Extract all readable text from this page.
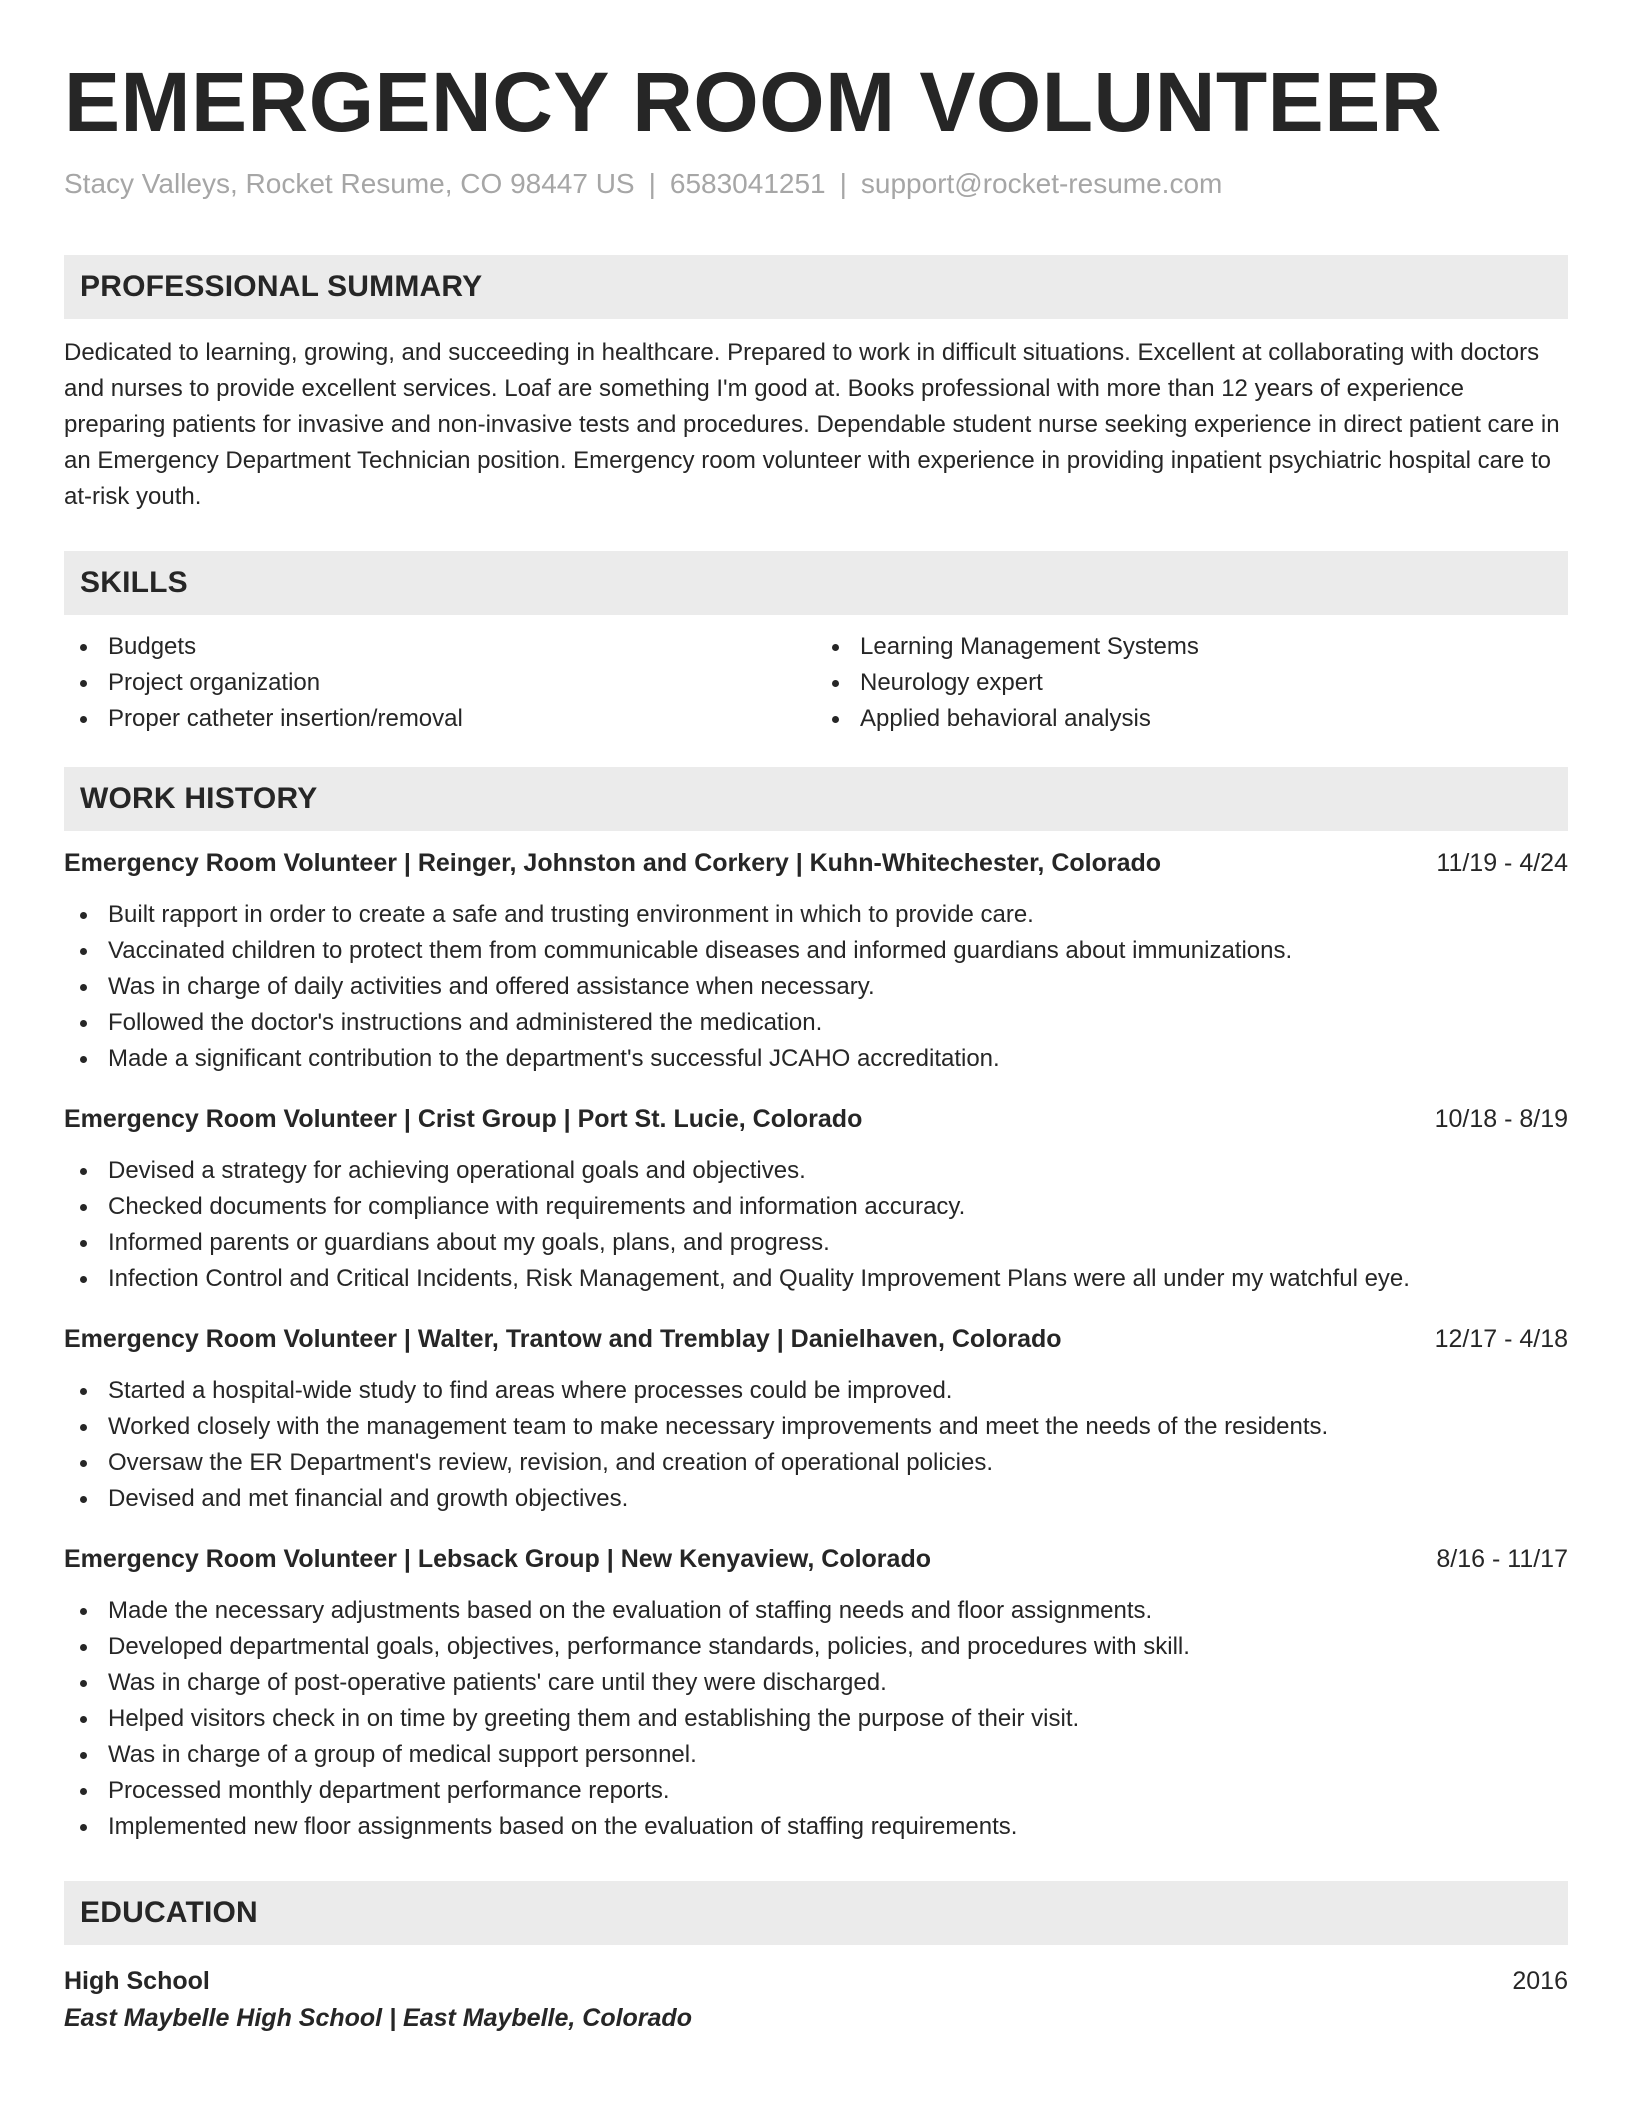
EMERGENCY ROOM VOLUNTEER
Stacy Valleys, Rocket Resume, CO 98447 US | 6583041251 | support@rocket-resume.com
PROFESSIONAL SUMMARY

Dedicated to learning, growing, and succeeding in healthcare. Prepared to work in difficult situations. Excellent at collaborating with doctors and nurses to provide excellent services. Loaf are something I'm good at. Books professional with more than 12 years of experience preparing patients for invasive and non-invasive tests and procedures. Dependable student nurse seeking experience in direct patient care in an Emergency Department Technician position. Emergency room volunteer with experience in providing inpatient psychiatric hospital care to at-risk youth.

SKILLS
Budgets
Project organization
Proper catheter insertion/removal
Learning Management Systems
Neurology expert
Applied behavioral analysis
WORK HISTORY
Emergency Room Volunteer | Reinger, Johnston and Corkery | Kuhn-Whitechester, Colorado	11/19 - 4/24
Built rapport in order to create a safe and trusting environment in which to provide care.
Vaccinated children to protect them from communicable diseases and informed guardians about immunizations.
Was in charge of daily activities and offered assistance when necessary.
Followed the doctor's instructions and administered the medication.
Made a significant contribution to the department's successful JCAHO accreditation.
Emergency Room Volunteer | Crist Group | Port St. Lucie, Colorado	10/18 - 8/19
Devised a strategy for achieving operational goals and objectives.
Checked documents for compliance with requirements and information accuracy.
Informed parents or guardians about my goals, plans, and progress.
Infection Control and Critical Incidents, Risk Management, and Quality Improvement Plans were all under my watchful eye.
Emergency Room Volunteer | Walter, Trantow and Tremblay | Danielhaven, Colorado	12/17 - 4/18
Started a hospital-wide study to find areas where processes could be improved.
Worked closely with the management team to make necessary improvements and meet the needs of the residents.
Oversaw the ER Department's review, revision, and creation of operational policies.
Devised and met financial and growth objectives.
Emergency Room Volunteer | Lebsack Group | New Kenyaview, Colorado	8/16 - 11/17
Made the necessary adjustments based on the evaluation of staffing needs and floor assignments.
Developed departmental goals, objectives, performance standards, policies, and procedures with skill.
Was in charge of post-operative patients' care until they were discharged.
Helped visitors check in on time by greeting them and establishing the purpose of their visit.
Was in charge of a group of medical support personnel.
Processed monthly department performance reports.
Implemented new floor assignments based on the evaluation of staffing requirements.
EDUCATION
High School	2016
East Maybelle High School | East Maybelle, Colorado
